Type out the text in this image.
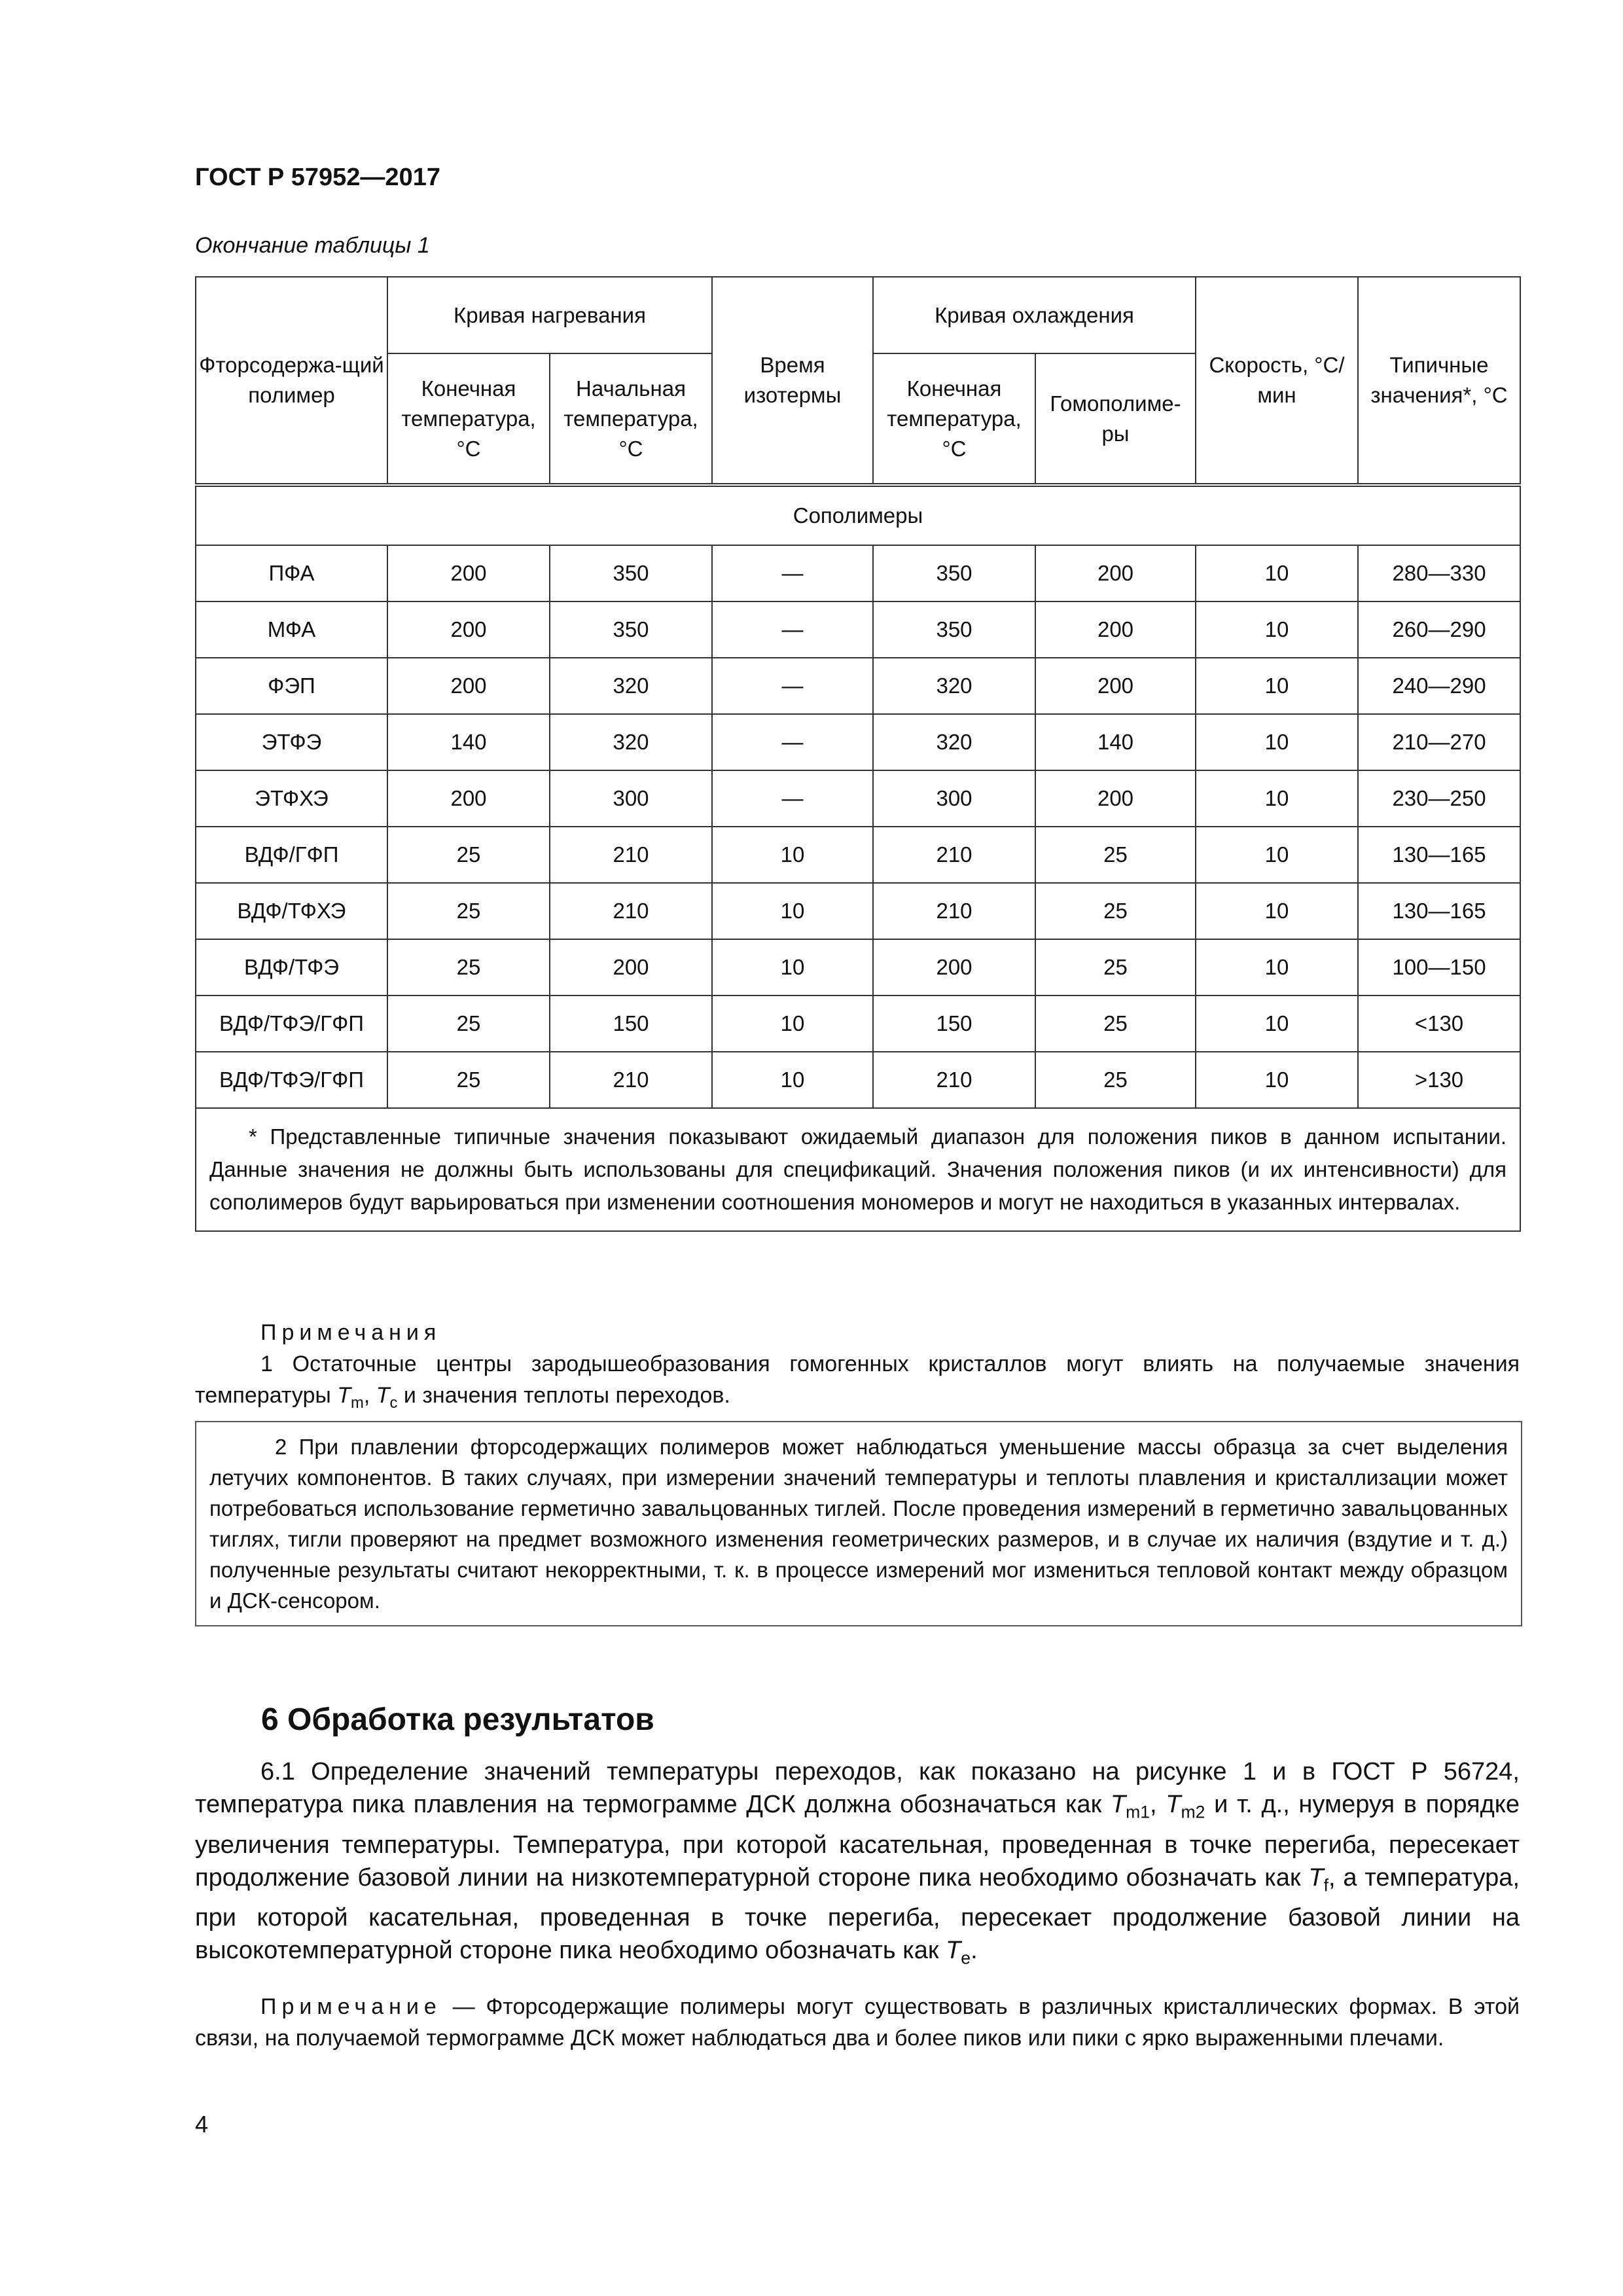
ГОСТ Р 57952—2017
Окончание таблицы 1
Фторсодержа-щий полимер	Кривая нагревания		Время изотермы	Кривая охлаждения		Скорость, °С/мин	Типичные значения*, °С
	Конечная температура, °С	Начальная температура, °С		Конечная температура, °С	Гомополиме-ры		
Сополимеры							
ПФА	200	350	—	350	200	10	280—330
МФА	200	350	—	350	200	10	260—290
ФЭП	200	320	—	320	200	10	240—290
ЭТФЭ	140	320	—	320	140	10	210—270
ЭТФХЭ	200	300	—	300	200	10	230—250
ВДФ/ГФП	25	210	10	210	25	10	130—165
ВДФ/ТФХЭ	25	210	10	210	25	10	130—165
ВДФ/ТФЭ	25	200	10	200	25	10	100—150
ВДФ/ТФЭ/ГФП	25	150	10	150	25	10	<130
ВДФ/ТФЭ/ГФП	25	210	10	210	25	10	>130
* Представленные типичные значения показывают ожидаемый диапазон для положения пиков в данном испытании. Данные значения не должны быть использованы для спецификаций. Значения положения пиков (и их интенсивности) для сополимеров будут варьироваться при изменении соотношения мономеров и могут не находиться в указанных интервалах.							
Примечания
1 Остаточные центры зародышеобразования гомогенных кристаллов могут влиять на получаемые значения температуры $T_m$, $T_c$ и значения теплоты переходов.
2 При плавлении фторсодержащих полимеров может наблюдаться уменьшение массы образца за счет выделения летучих компонентов. В таких случаях, при измерении значений температуры и теплоты плавления и кристаллизации может потребоваться использование герметично завальцованных тиглей. После проведения измерений в герметично завальцованных тиглях, тигли проверяют на предмет возможного изменения геометрических размеров, и в случае их наличия (вздутие и т. д.) полученные результаты считают некорректными, т. к. в процессе измерений мог измениться тепловой контакт между образцом и ДСК-сенсором.
6 Обработка результатов
6.1 Определение значений температуры переходов, как показано на рисунке 1 и в ГОСТ Р 56724, температура пика плавления на термограмме ДСК должна обозначаться как $T_{m1}$, $T_{m2}$ и т. д., нумеруя в порядке увеличения температуры. Температура, при которой касательная, проведенная в точке перегиба, пересекает продолжение базовой линии на низкотемпературной стороне пика необходимо обозначать как $T_f$, а температура, при которой касательная, проведенная в точке перегиба, пересекает продолжение базовой линии на высокотемпературной стороне пика необходимо обозначать как $T_e$.
Примечание — Фторсодержащие полимеры могут существовать в различных кристаллических формах. В этой связи, на получаемой термограмме ДСК может наблюдаться два и более пиков или пики с ярко выраженными плечами.
4
